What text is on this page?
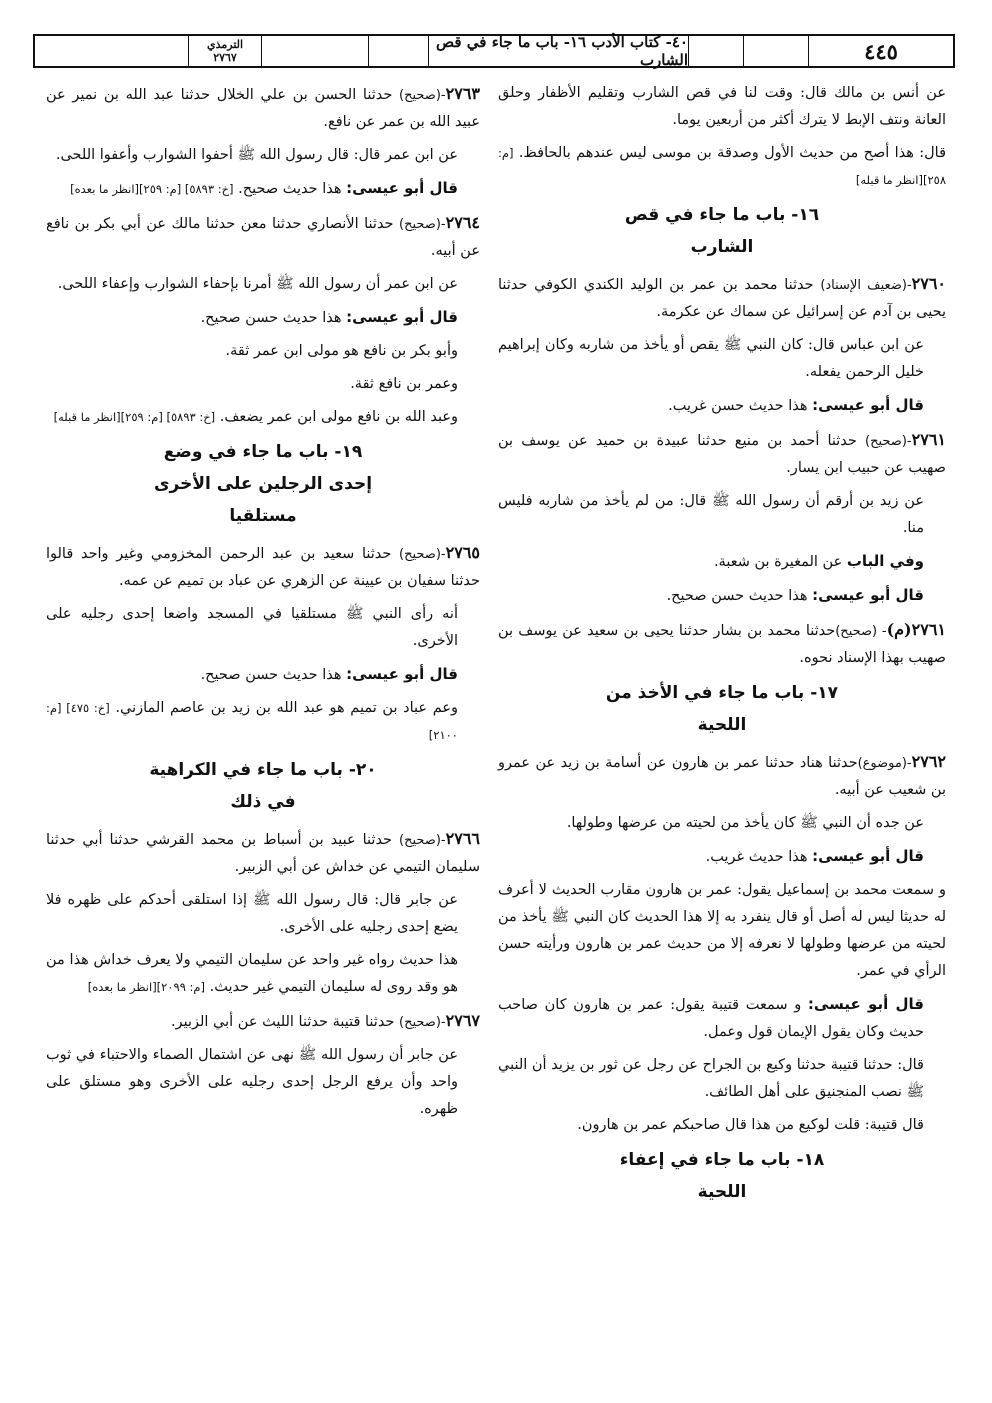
٤٤٥
٤٠- كتاب الأدب ١٦- باب ما جاء في قص الشارب
الترمذي
٢٧٦٧

عن أنس بن مالك قال: وقت لنا في قص الشارب وتقليم الأظفار وحلق العانة ونتف الإبط لا يترك أكثر من أربعين يوما.

قال: هذا أصح من حديث الأول وصدقة بن موسى ليس عندهم بالحافظ. [م: ٢٥٨][انظر ما قبله]

١٦- باب ما جاء في قص
الشارب

٢٧٦٠-(ضعيف الإسناد) حدثنا محمد بن عمر بن الوليد الكندي الكوفي حدثنا يحيى بن آدم عن إسرائيل عن سماك عن عكرمة.

عن ابن عباس قال: كان النبي ﷺ يقص أو يأخذ من شاربه وكان إبراهيم خليل الرحمن يفعله.

قال أبو عيسى: هذا حديث حسن غريب.

٢٧٦١-(صحيح) حدثنا أحمد بن منيع حدثنا عبيدة بن حميد عن يوسف بن صهيب عن حبيب ابن يسار.

عن زيد بن أرقم أن رسول الله ﷺ قال: من لم يأخذ من شاربه فليس منا.

وفي الباب عن المغيرة بن شعبة.

قال أبو عيسى: هذا حديث حسن صحيح.

٢٧٦١(م)- (صحيح)حدثنا محمد بن بشار حدثنا يحيى بن سعيد عن يوسف بن صهيب بهذا الإسناد نحوه.

١٧- باب ما جاء في الأخذ من
اللحية

٢٧٦٢-(موضوع)حدثنا هناد حدثنا عمر بن هارون عن أسامة بن زيد عن عمرو بن شعيب عن أبيه.

عن جده أن النبي ﷺ كان يأخذ من لحيته من عرضها وطولها.

قال أبو عيسى: هذا حديث غريب.

و سمعت محمد بن إسماعيل يقول: عمر بن هارون مقارب الحديث لا أعرف له حديثا ليس له أصل أو قال ينفرد به إلا هذا الحديث كان النبي ﷺ يأخذ من لحيته من عرضها وطولها لا نعرفه إلا من حديث عمر بن هارون ورأيته حسن الرأي في عمر.

قال أبو عيسى: و سمعت قتيبة يقول: عمر بن هارون كان صاحب حديث وكان يقول الإيمان قول وعمل.

قال: حدثنا قتيبة حدثنا وكيع بن الجراح عن رجل عن ثور بن يزيد أن النبي ﷺ نصب المنجنيق على أهل الطائف.

قال قتيبة: قلت لوكيع من هذا قال صاحبكم عمر بن هارون.

١٨- باب ما جاء في إعفاء
اللحية

٢٧٦٣-(صحيح) حدثنا الحسن بن علي الخلال حدثنا عبد الله بن نمير عن عبيد الله بن عمر عن نافع.

عن ابن عمر قال: قال رسول الله ﷺ أحفوا الشوارب وأعفوا اللحى.

قال أبو عيسى: هذا حديث صحيح. [خ: ٥٨٩٣] [م: ٢٥٩][انظر ما بعده]

٢٧٦٤-(صحيح) حدثنا الأنصاري حدثنا معن حدثنا مالك عن أبي بكر بن نافع عن أبيه.

عن ابن عمر أن رسول الله ﷺ أمرنا بإحفاء الشوارب وإعفاء اللحى.

قال أبو عيسى: هذا حديث حسن صحيح.

وأبو بكر بن نافع هو مولى ابن عمر ثقة.

وعمر بن نافع ثقة.

وعبد الله بن نافع مولى ابن عمر يضعف. [خ: ٥٨٩٣] [م: ٢٥٩][انظر ما قبله]

١٩- باب ما جاء في وضع
إحدى الرجلين على الأخرى
مستلقيا

٢٧٦٥-(صحيح) حدثنا سعيد بن عبد الرحمن المخزومي وغير واحد قالوا حدثنا سفيان بن عيينة عن الزهري عن عباد بن تميم عن عمه.

أنه رأى النبي ﷺ مستلقيا في المسجد واضعا إحدى رجليه على الأخرى.

قال أبو عيسى: هذا حديث حسن صحيح.

وعم عباد بن تميم هو عبد الله بن زيد بن عاصم المازني. [خ: ٤٧٥] [م: ٢١٠٠]

٢٠- باب ما جاء في الكراهية
في ذلك

٢٧٦٦-(صحيح) حدثنا عبيد بن أسباط بن محمد القرشي حدثنا أبي حدثنا سليمان التيمي عن خداش عن أبي الزبير.

عن جابر قال: قال رسول الله ﷺ إذا استلقى أحدكم على ظهره فلا يضع إحدى رجليه على الأخرى.

هذا حديث رواه غير واحد عن سليمان التيمي ولا يعرف خداش هذا من هو وقد روى له سليمان التيمي غير حديث. [م: ٢٠٩٩][انظر ما بعده]

٢٧٦٧-(صحيح) حدثنا قتيبة حدثنا الليث عن أبي الزبير.

عن جابر أن رسول الله ﷺ نهى عن اشتمال الصماء والاحتباء في ثوب واحد وأن يرفع الرجل إحدى رجليه على الأخرى وهو مستلق على ظهره.
